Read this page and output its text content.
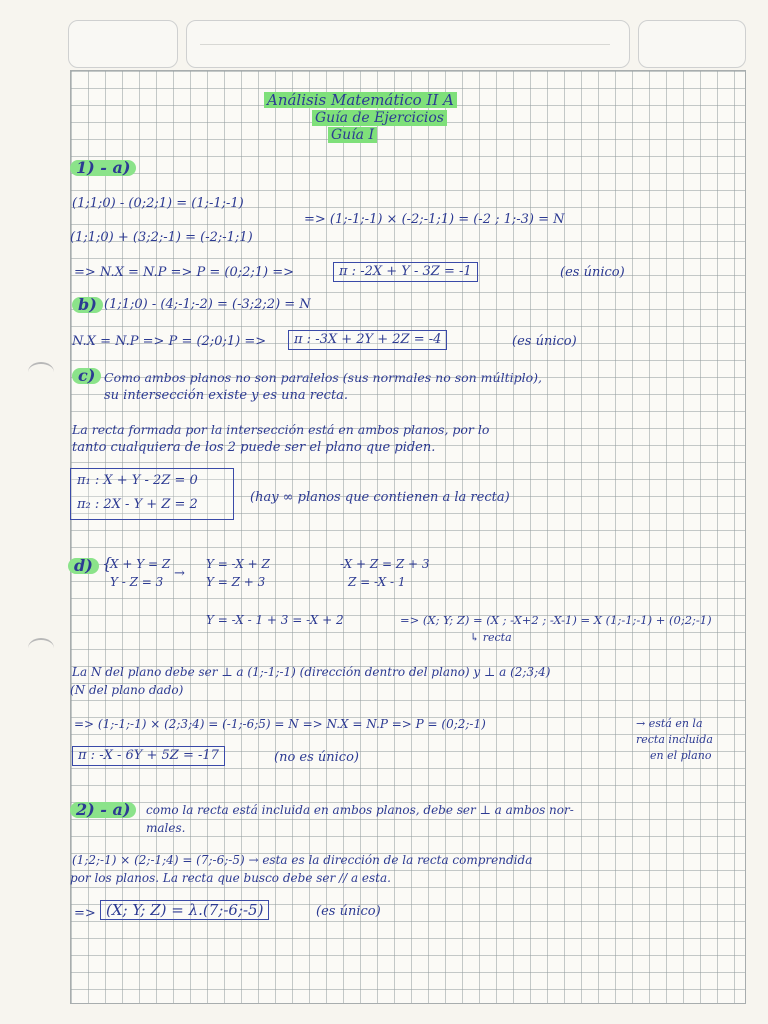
Análisis Matemático II A
Guía de Ejercicios
Guía I
1) - a)
(1;1;0) - (0;2;1) = (1;-1;-1)
(1;1;0) + (3;2;-1) = (-2;-1;1)
=> (1;-1;-1) × (-2;-1;1) = (-2 ; 1;-3) = N
=> N.X = N.P => P = (0;2;1) =>	π : -2X + Y - 3Z = -1	(es único)
b) (1;1;0) - (4;-1;-2) = (-3;2;2) = N
N.X = N.P => P = (2;0;1) =>	π : -3X + 2Y + 2Z = -4	(es único)
c) Como ambos planos no son paralelos (sus normales no son múltiplo),
su intersección existe y es una recta.
La recta formada por la intersección está en ambos planos, por lo
tanto cualquiera de los 2 puede ser el plano que piden.
π₁ : X + Y - 2Z = 0
π₂ : 2X - Y + Z = 2	(hay ∞ planos que contienen a la recta)
d) {
X + Y = Z
Y - Z = 3
→
Y = -X + Z
Y = Z + 3
-X + Z = Z + 3
Z = -X - 1
Y = -X - 1 + 3 = -X + 2	=> (X; Y; Z) = (X ; -X+2 ; -X-1) = X (1;-1;-1) + (0;2;-1)
↳ recta
La N del plano debe ser ⊥ a (1;-1;-1) (dirección dentro del plano) y ⊥ a (2;3;4)
(N del plano dado)
=> (1;-1;-1) × (2;3;4) = (-1;-6;5) = N => N.X = N.P => P = (0;2;-1)	→ está en la
recta incluida
en el plano
π : -X - 6Y + 5Z = -17	(no es único)
2) - a)	como la recta está incluida en ambos planos, debe ser ⊥ a ambos nor-
males.
(1;2;-1) × (2;-1;4) = (7;-6;-5) → esta es la dirección de la recta comprendida
por los planos. La recta que busco debe ser // a esta.
=> (X; Y; Z) = λ.(7;-6;-5)	(es único)
